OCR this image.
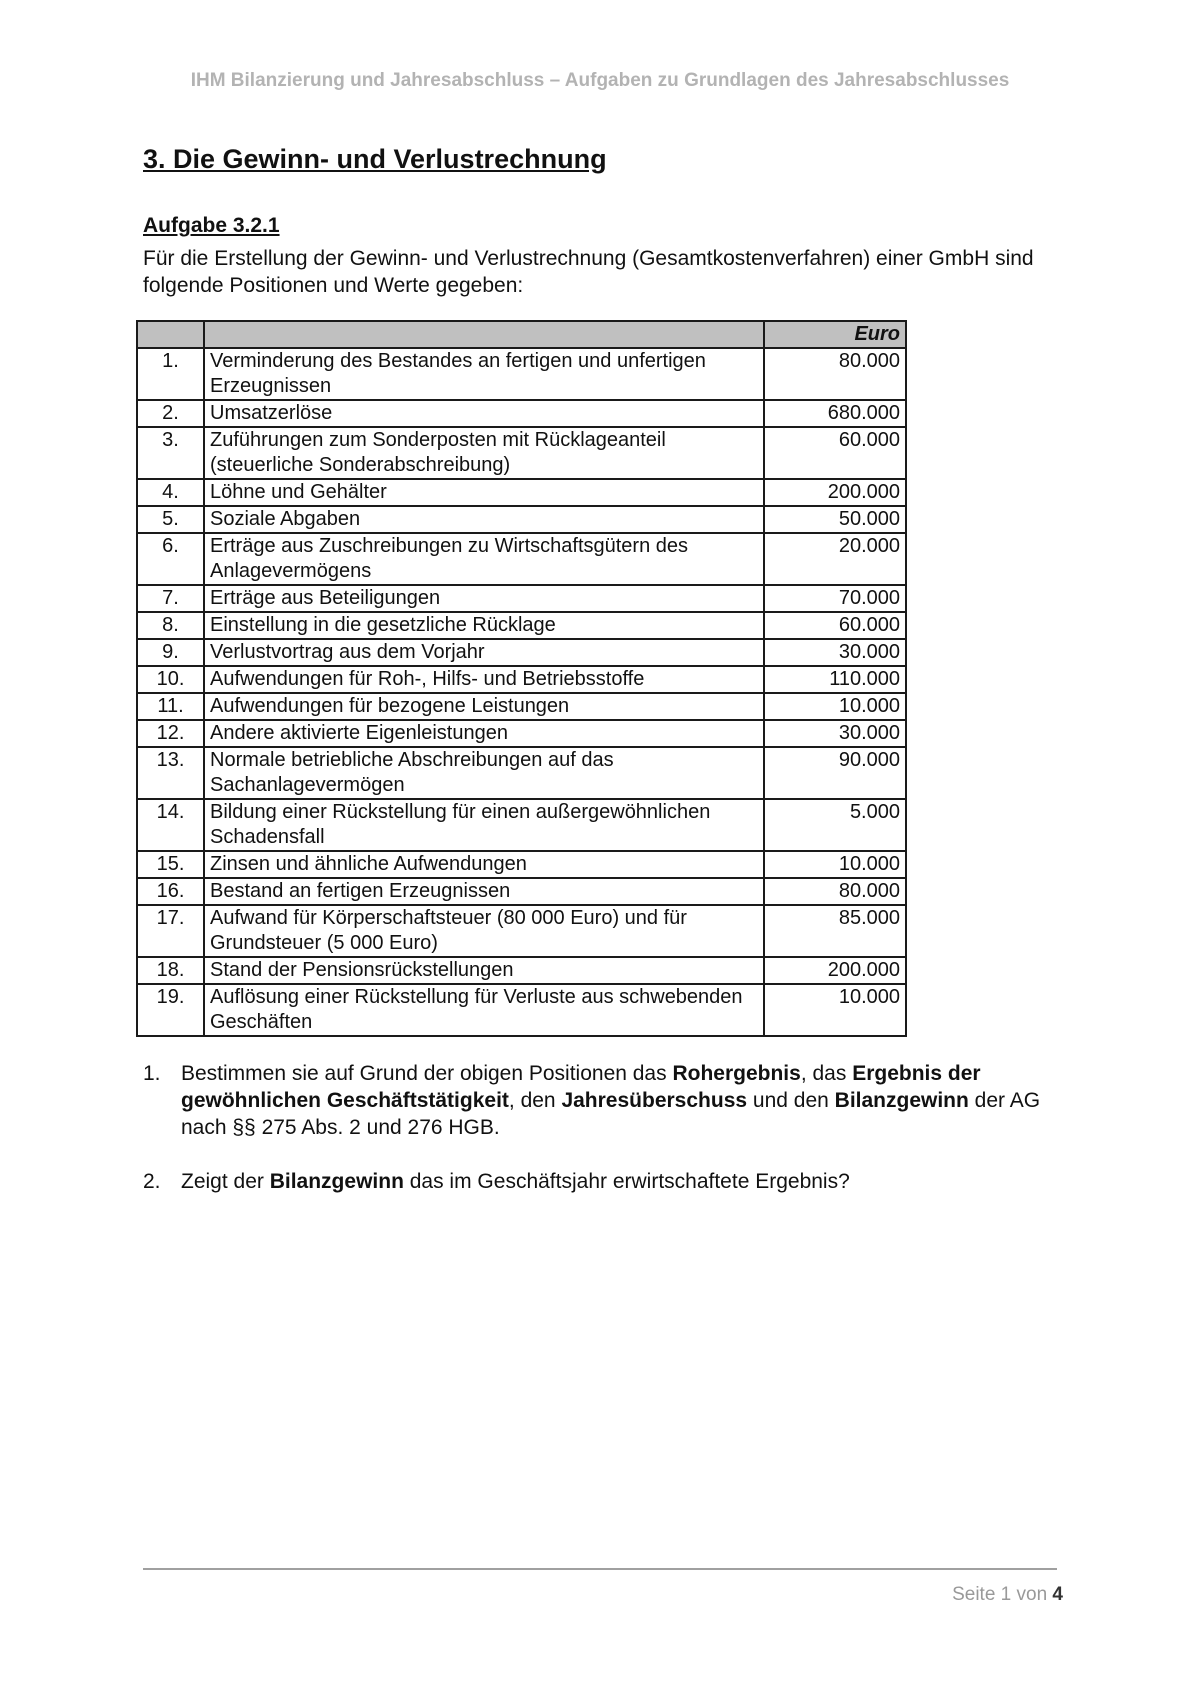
IHM Bilanzierung und Jahresabschluss – Aufgaben zu Grundlagen des Jahresabschlusses
3. Die Gewinn- und Verlustrechnung
Aufgabe 3.2.1
Für die Erstellung der Gewinn- und Verlustrechnung (Gesamtkostenverfahren) einer GmbH sind folgende Positionen und Werte gegeben:
		Euro
1.	Verminderung des Bestandes an fertigen und unfertigen Erzeugnissen	80.000
2.	Umsatzerlöse	680.000
3.	Zuführungen zum Sonderposten mit Rücklageanteil (steuerliche Sonderabschreibung)	60.000
4.	Löhne und Gehälter	200.000
5.	Soziale Abgaben	50.000
6.	Erträge aus Zuschreibungen zu Wirtschaftsgütern des Anlagevermögens	20.000
7.	Erträge aus Beteiligungen	70.000
8.	Einstellung in die gesetzliche Rücklage	60.000
9.	Verlustvortrag aus dem Vorjahr	30.000
10.	Aufwendungen für Roh-, Hilfs- und Betriebsstoffe	110.000
11.	Aufwendungen für bezogene Leistungen	10.000
12.	Andere aktivierte Eigenleistungen	30.000
13.	Normale betriebliche Abschreibungen auf das Sachanlagevermögen	90.000
14.	Bildung einer Rückstellung für einen außergewöhnlichen Schadensfall	5.000
15.	Zinsen und ähnliche Aufwendungen	10.000
16.	Bestand an fertigen Erzeugnissen	80.000
17.	Aufwand für Körperschaftsteuer (80 000 Euro) und für Grundsteuer (5 000 Euro)	85.000
18.	Stand der Pensionsrückstellungen	200.000
19.	Auflösung einer Rückstellung für Verluste aus schwebenden Geschäften	10.000
1. Bestimmen sie auf Grund der obigen Positionen das Rohergebnis, das Ergebnis der gewöhnlichen Geschäftstätigkeit, den Jahresüberschuss und den Bilanzgewinn der AG nach §§ 275 Abs. 2 und 276 HGB.
2. Zeigt der Bilanzgewinn das im Geschäftsjahr erwirtschaftete Ergebnis?
Seite 1 von 4
